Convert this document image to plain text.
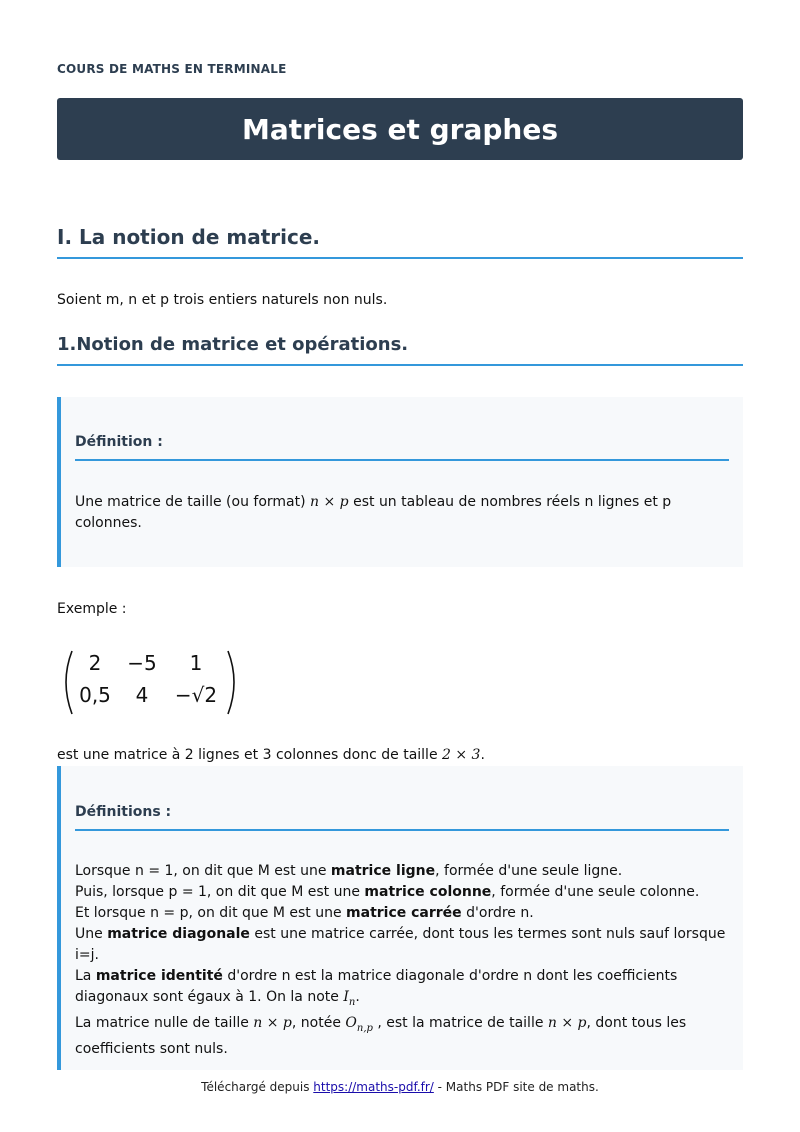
COURS DE MATHS EN TERMINALE
Matrices et graphes
I. La notion de matrice.
Soient m, n et p trois entiers naturels non nuls.
1.Notion de matrice et opérations.
Définition :
Une matrice de taille (ou format) n × p est un tableau de nombres réels n lignes et p colonnes.
Exemple :
2 −5 1
0,5 4 −√2
est une matrice à 2 lignes et 3 colonnes donc de taille 2 × 3.
Définitions :
Lorsque n = 1, on dit que M est une matrice ligne, formée d'une seule ligne.
Puis, lorsque p = 1, on dit que M est une matrice colonne, formée d'une seule colonne.
Et lorsque n = p, on dit que M est une matrice carrée d'ordre n.
Une matrice diagonale est une matrice carrée, dont tous les termes sont nuls sauf lorsque i=j.
La matrice identité d'ordre n est la matrice diagonale d'ordre n dont les coefficients diagonaux sont égaux à 1. On la note $I_n$.
La matrice nulle de taille n × p, notée $O_{n,p}$ , est la matrice de taille n × p, dont tous les coefficients sont nuls.
Téléchargé depuis https://maths-pdf.fr/ - Maths PDF site de maths.
